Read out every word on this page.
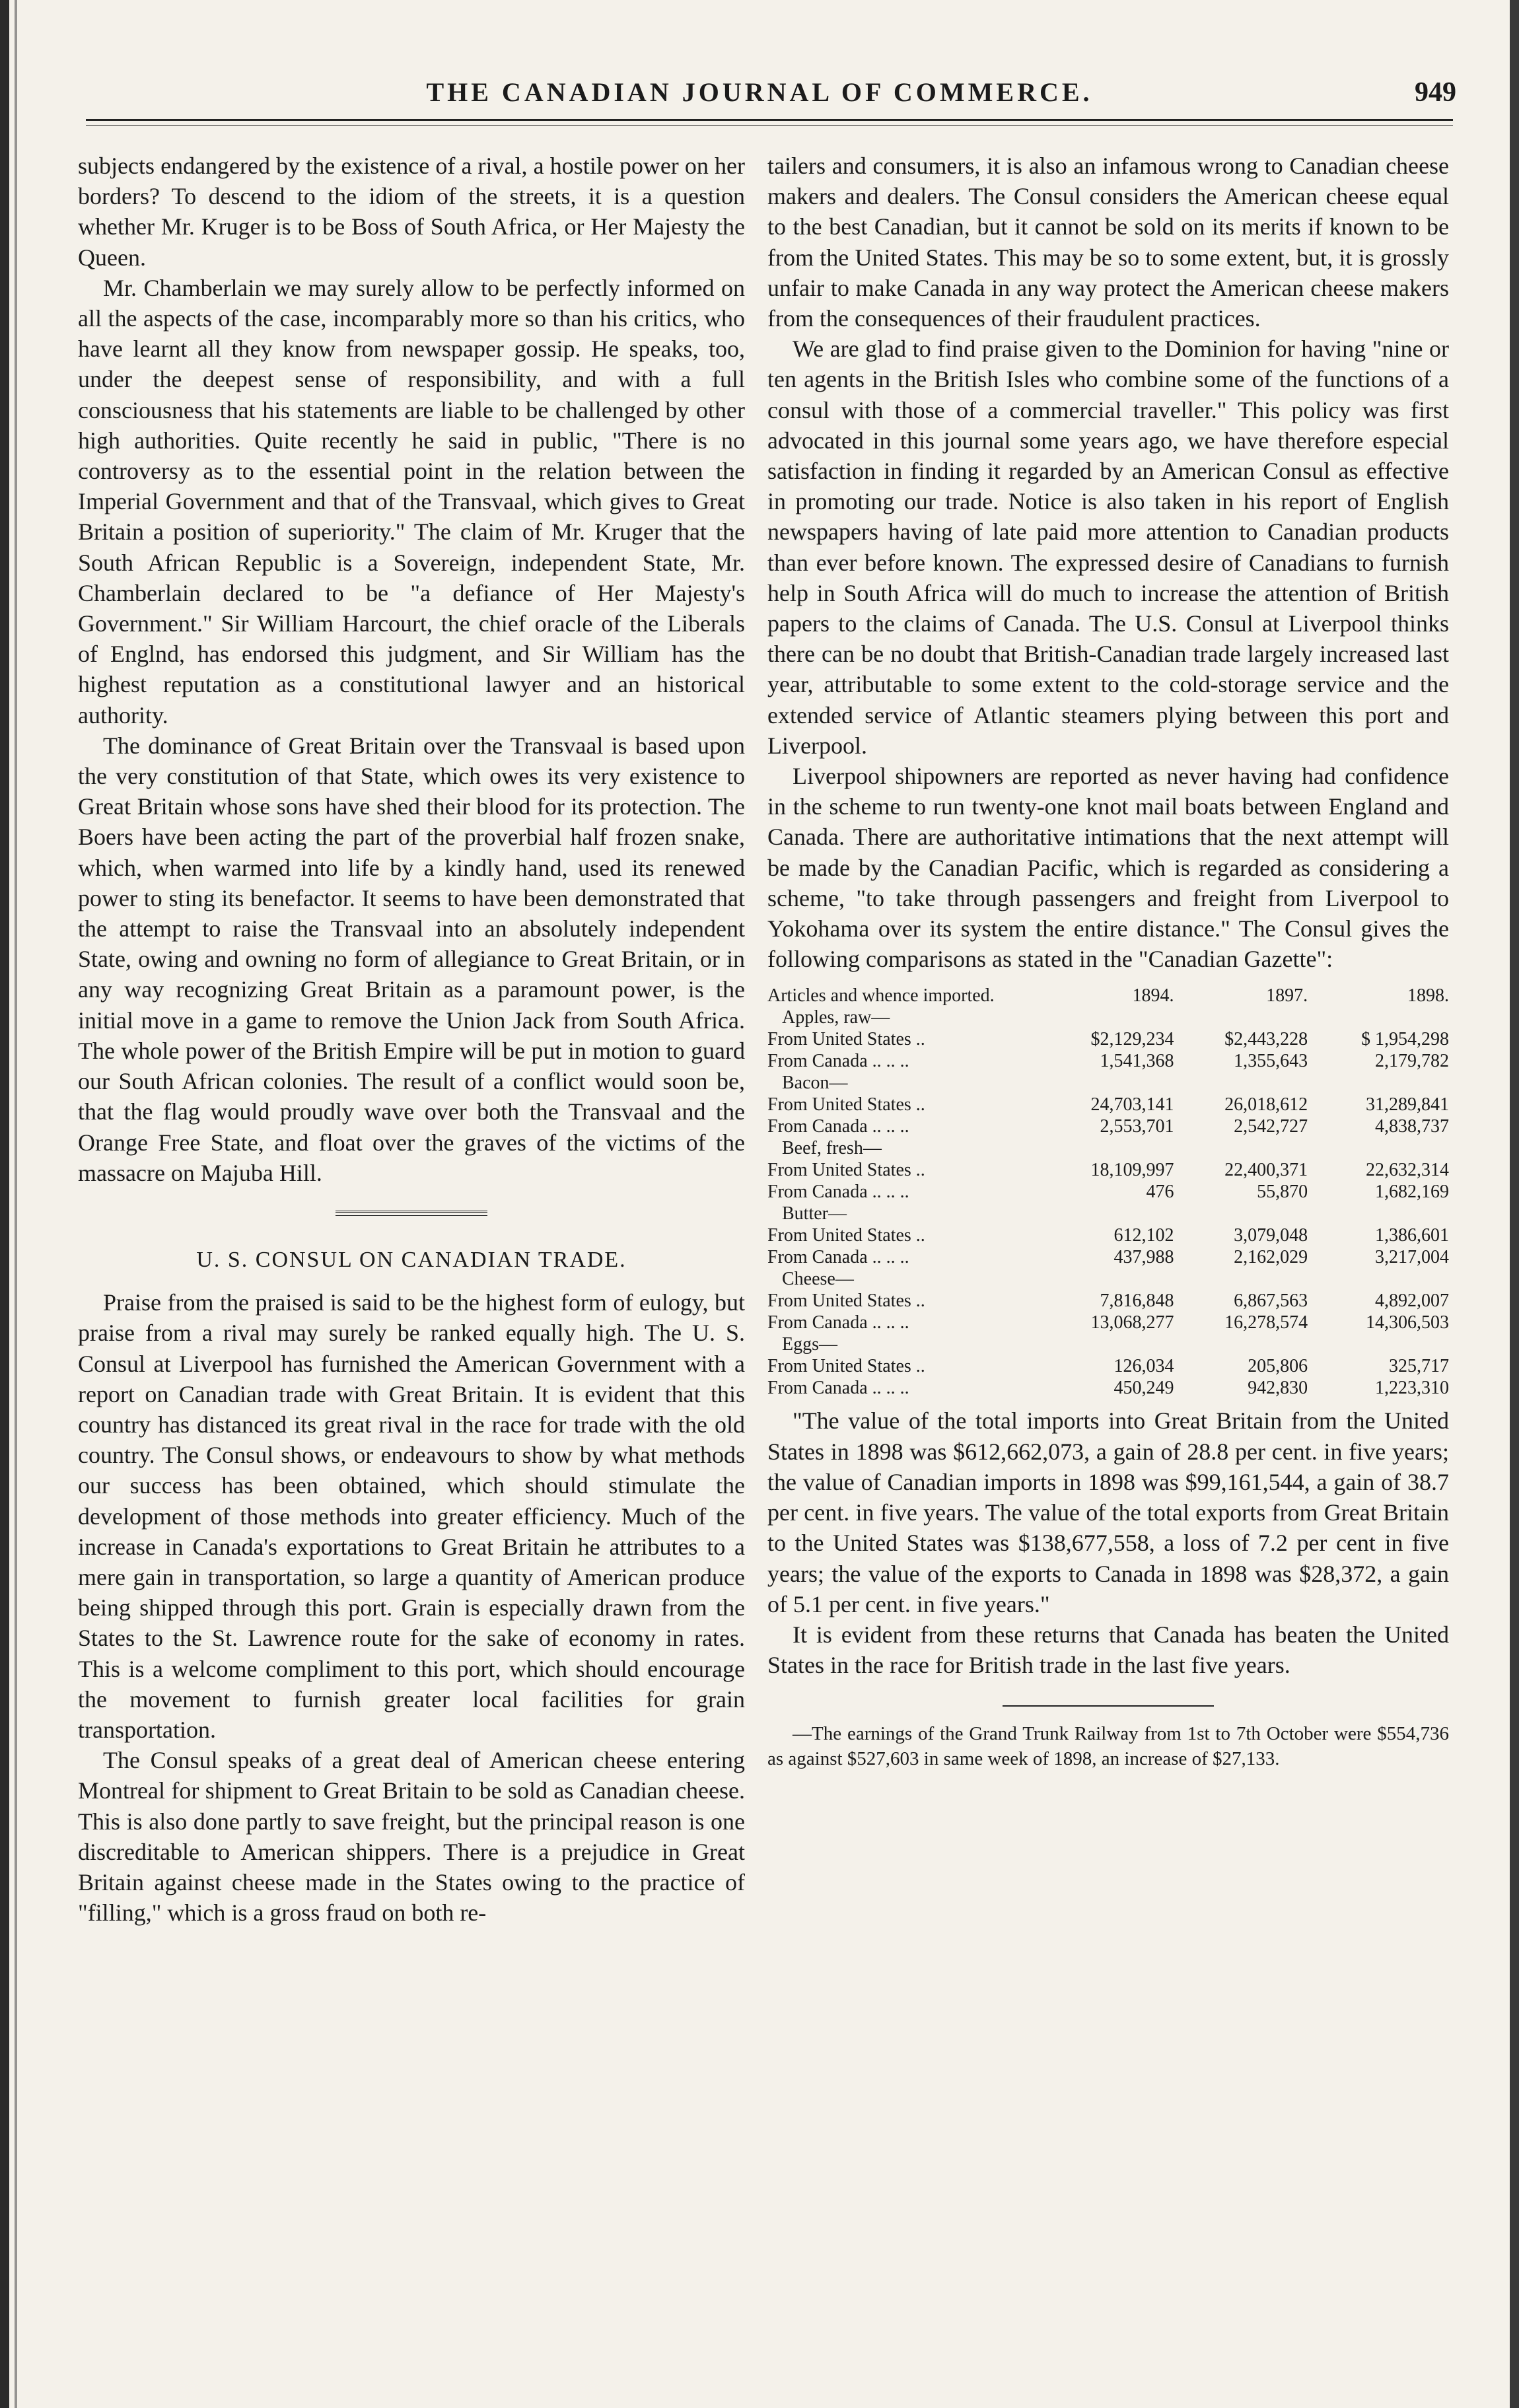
THE CANADIAN JOURNAL OF COMMERCE.	949

subjects endangered by the existence of a rival, a hostile power on her borders? To descend to the idiom of the streets, it is a question whether Mr. Kruger is to be Boss of South Africa, or Her Majesty the Queen.

Mr. Chamberlain we may surely allow to be perfectly informed on all the aspects of the case, incomparably more so than his critics, who have learnt all they know from newspaper gossip. He speaks, too, under the deepest sense of responsibility, and with a full consciousness that his statements are liable to be challenged by other high authorities. Quite recently he said in public, "There is no controversy as to the essential point in the relation between the Imperial Government and that of the Transvaal, which gives to Great Britain a position of superiority." The claim of Mr. Kruger that the South African Republic is a Sovereign, independent State, Mr. Chamberlain declared to be "a defiance of Her Majesty's Government." Sir William Harcourt, the chief oracle of the Liberals of Englnd, has endorsed this judgment, and Sir William has the highest reputation as a constitutional lawyer and an historical authority.

The dominance of Great Britain over the Transvaal is based upon the very constitution of that State, which owes its very existence to Great Britain whose sons have shed their blood for its protection. The Boers have been acting the part of the proverbial half frozen snake, which, when warmed into life by a kindly hand, used its renewed power to sting its benefactor. It seems to have been demonstrated that the attempt to raise the Transvaal into an absolutely independent State, owing and owning no form of allegiance to Great Britain, or in any way recognizing Great Britain as a paramount power, is the initial move in a game to remove the Union Jack from South Africa. The whole power of the British Empire will be put in motion to guard our South African colonies. The result of a conflict would soon be, that the flag would proudly wave over both the Transvaal and the Orange Free State, and float over the graves of the victims of the massacre on Majuba Hill.

U. S. CONSUL ON CANADIAN TRADE.

Praise from the praised is said to be the highest form of eulogy, but praise from a rival may surely be ranked equally high. The U. S. Consul at Liverpool has furnished the American Government with a report on Canadian trade with Great Britain. It is evident that this country has distanced its great rival in the race for trade with the old country. The Consul shows, or endeavours to show by what methods our success has been obtained, which should stimulate the development of those methods into greater efficiency. Much of the increase in Canada's exportations to Great Britain he attributes to a mere gain in transportation, so large a quantity of American produce being shipped through this port. Grain is especially drawn from the States to the St. Lawrence route for the sake of economy in rates. This is a welcome compliment to this port, which should encourage the movement to furnish greater local facilities for grain transportation.

The Consul speaks of a great deal of American cheese entering Montreal for shipment to Great Britain to be sold as Canadian cheese. This is also done partly to save freight, but the principal reason is one discreditable to American shippers. There is a prejudice in Great Britain against cheese made in the States owing to the practice of "filling," which is a gross fraud on both re-

tailers and consumers, it is also an infamous wrong to Canadian cheese makers and dealers. The Consul considers the American cheese equal to the best Canadian, but it cannot be sold on its merits if known to be from the United States. This may be so to some extent, but, it is grossly unfair to make Canada in any way protect the American cheese makers from the consequences of their fraudulent practices.

We are glad to find praise given to the Dominion for having "nine or ten agents in the British Isles who combine some of the functions of a consul with those of a commercial traveller." This policy was first advocated in this journal some years ago, we have therefore especial satisfaction in finding it regarded by an American Consul as effective in promoting our trade. Notice is also taken in his report of English newspapers having of late paid more attention to Canadian products than ever before known. The expressed desire of Canadians to furnish help in South Africa will do much to increase the attention of British papers to the claims of Canada. The U.S. Consul at Liverpool thinks there can be no doubt that British-Canadian trade largely increased last year, attributable to some extent to the cold-storage service and the extended service of Atlantic steamers plying between this port and Liverpool.

Liverpool shipowners are reported as never having had confidence in the scheme to run twenty-one knot mail boats between England and Canada. There are authoritative intimations that the next attempt will be made by the Canadian Pacific, which is regarded as considering a scheme, "to take through passengers and freight from Liverpool to Yokohama over its system the entire distance." The Consul gives the following comparisons as stated in the "Canadian Gazette":

Articles and whence imported.	1894.	1897.	1898.
Apples, raw—			
From United States ..	$2,129,234	$2,443,228	$ 1,954,298
From Canada .. .. ..	1,541,368	1,355,643	2,179,782
Bacon—			
From United States ..	24,703,141	26,018,612	31,289,841
From Canada .. .. ..	2,553,701	2,542,727	4,838,737
Beef, fresh—			
From United States ..	18,109,997	22,400,371	22,632,314
From Canada .. .. ..	476	55,870	1,682,169
Butter—			
From United States ..	612,102	3,079,048	1,386,601
From Canada .. .. ..	437,988	2,162,029	3,217,004
Cheese—			
From United States ..	7,816,848	6,867,563	4,892,007
From Canada .. .. ..	13,068,277	16,278,574	14,306,503
Eggs—			
From United States ..	126,034	205,806	325,717
From Canada .. .. ..	450,249	942,830	1,223,310

"The value of the total imports into Great Britain from the United States in 1898 was $612,662,073, a gain of 28.8 per cent. in five years; the value of Canadian imports in 1898 was $99,161,544, a gain of 38.7 per cent. in five years. The value of the total exports from Great Britain to the United States was $138,677,558, a loss of 7.2 per cent in five years; the value of the exports to Canada in 1898 was $28,372, a gain of 5.1 per cent. in five years."

It is evident from these returns that Canada has beaten the United States in the race for British trade in the last five years.

—The earnings of the Grand Trunk Railway from 1st to 7th October were $554,736 as against $527,603 in same week of 1898, an increase of $27,133.
